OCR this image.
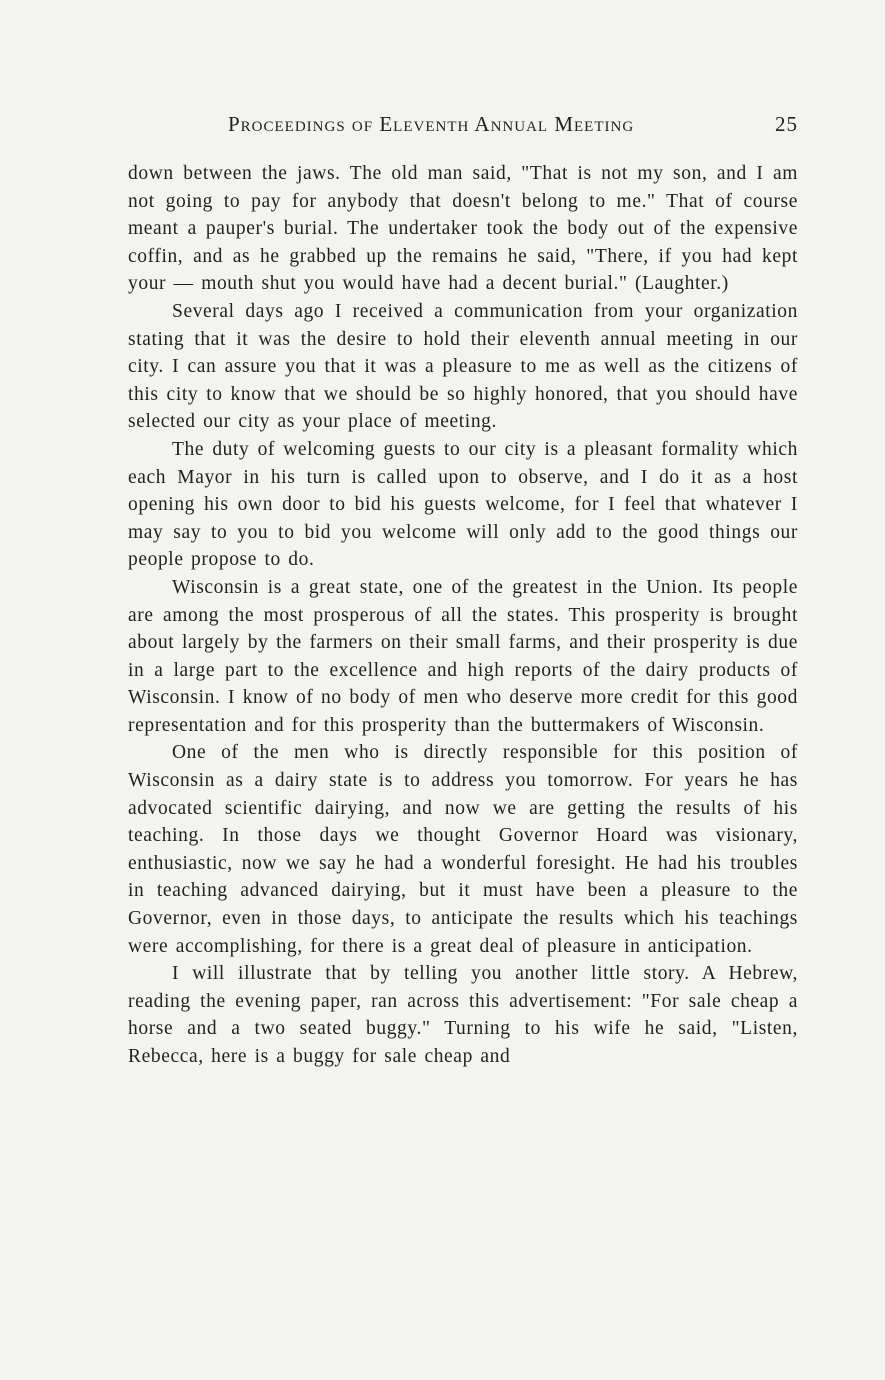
Proceedings of Eleventh Annual Meeting	25

down between the jaws. The old man said, "That is not my son, and I am not going to pay for anybody that doesn't belong to me." That of course meant a pauper's burial. The undertaker took the body out of the expensive coffin, and as he grabbed up the remains he said, "There, if you had kept your — mouth shut you would have had a decent burial." (Laughter.)

Several days ago I received a communication from your organization stating that it was the desire to hold their eleventh annual meeting in our city. I can assure you that it was a pleasure to me as well as the citizens of this city to know that we should be so highly honored, that you should have selected our city as your place of meeting.

The duty of welcoming guests to our city is a pleasant formality which each Mayor in his turn is called upon to observe, and I do it as a host opening his own door to bid his guests welcome, for I feel that whatever I may say to you to bid you welcome will only add to the good things our people propose to do.

Wisconsin is a great state, one of the greatest in the Union. Its people are among the most prosperous of all the states. This prosperity is brought about largely by the farmers on their small farms, and their prosperity is due in a large part to the excellence and high reports of the dairy products of Wisconsin. I know of no body of men who deserve more credit for this good representation and for this prosperity than the buttermakers of Wisconsin.

One of the men who is directly responsible for this position of Wisconsin as a dairy state is to address you tomorrow. For years he has advocated scientific dairying, and now we are getting the results of his teaching. In those days we thought Governor Hoard was visionary, enthusiastic, now we say he had a wonderful foresight. He had his troubles in teaching advanced dairying, but it must have been a pleasure to the Governor, even in those days, to anticipate the results which his teachings were accomplishing, for there is a great deal of pleasure in anticipation.

I will illustrate that by telling you another little story. A Hebrew, reading the evening paper, ran across this advertisement: "For sale cheap a horse and a two seated buggy." Turning to his wife he said, "Listen, Rebecca, here is a buggy for sale cheap and
